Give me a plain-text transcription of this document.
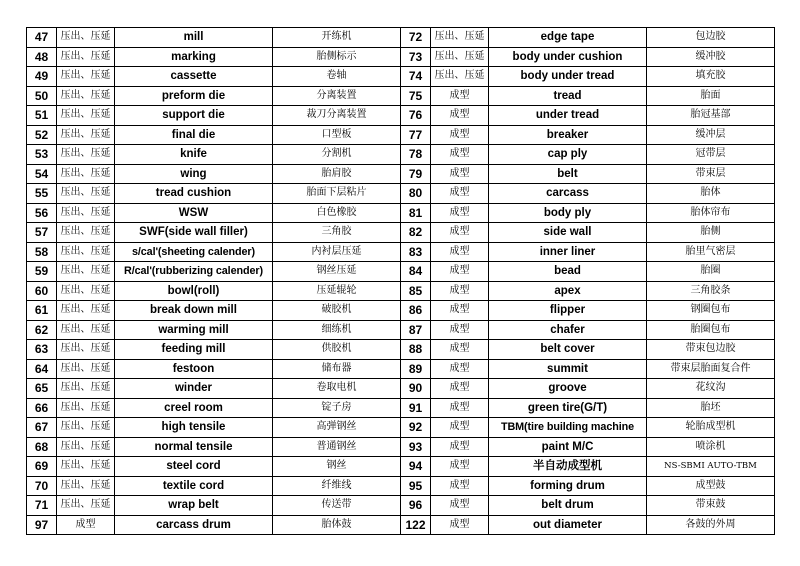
47	压出、压延	mill	开练机	72	压出、压延	edge tape	包边胶
48	压出、压延	marking	胎侧标示	73	压出、压延	body under cushion	缓冲胶
49	压出、压延	cassette	卷轴	74	压出、压延	body under tread	填充胶
50	压出、压延	preform die	分离装置	75	成型	tread	胎面
51	压出、压延	support die	裁刀分离装置	76	成型	under tread	胎冠基部
52	压出、压延	final die	口型板	77	成型	breaker	缓冲层
53	压出、压延	knife	分割机	78	成型	cap ply	冠带层
54	压出、压延	wing	胎肩胶	79	成型	belt	带束层
55	压出、压延	tread cushion	胎面下层粘片	80	成型	carcass	胎体
56	压出、压延	WSW	白色橡胶	81	成型	body ply	胎体帘布
57	压出、压延	SWF(side wall filler)	三角胶	82	成型	side wall	胎侧
58	压出、压延	s/cal'(sheeting calender)	内衬层压延	83	成型	inner liner	胎里气密层
59	压出、压延	R/cal'(rubberizing calender)	钢丝压延	84	成型	bead	胎圈
60	压出、压延	bowl(roll)	压延辊轮	85	成型	apex	三角胶条
61	压出、压延	break down mill	破胶机	86	成型	flipper	钢圈包布
62	压出、压延	warming mill	细练机	87	成型	chafer	胎圈包布
63	压出、压延	feeding mill	供胶机	88	成型	belt cover	带束包边胶
64	压出、压延	festoon	储布器	89	成型	summit	带束层胎面复合件
65	压出、压延	winder	卷取电机	90	成型	groove	花纹沟
66	压出、压延	creel room	锭子房	91	成型	green tire(G/T)	胎坯
67	压出、压延	high tensile	高弹钢丝	92	成型	TBM(tire building machine	轮胎成型机
68	压出、压延	normal tensile	普通钢丝	93	成型	paint M/C	喷涂机
69	压出、压延	steel cord	钢丝	94	成型	半自动成型机	NS-SBMI AUTO-TBM
70	压出、压延	textile cord	纤维线	95	成型	forming drum	成型鼓
71	压出、压延	wrap belt	传送带	96	成型	belt drum	带束鼓
97	成型	carcass drum	胎体鼓	122	成型	out diameter	各鼓的外周
